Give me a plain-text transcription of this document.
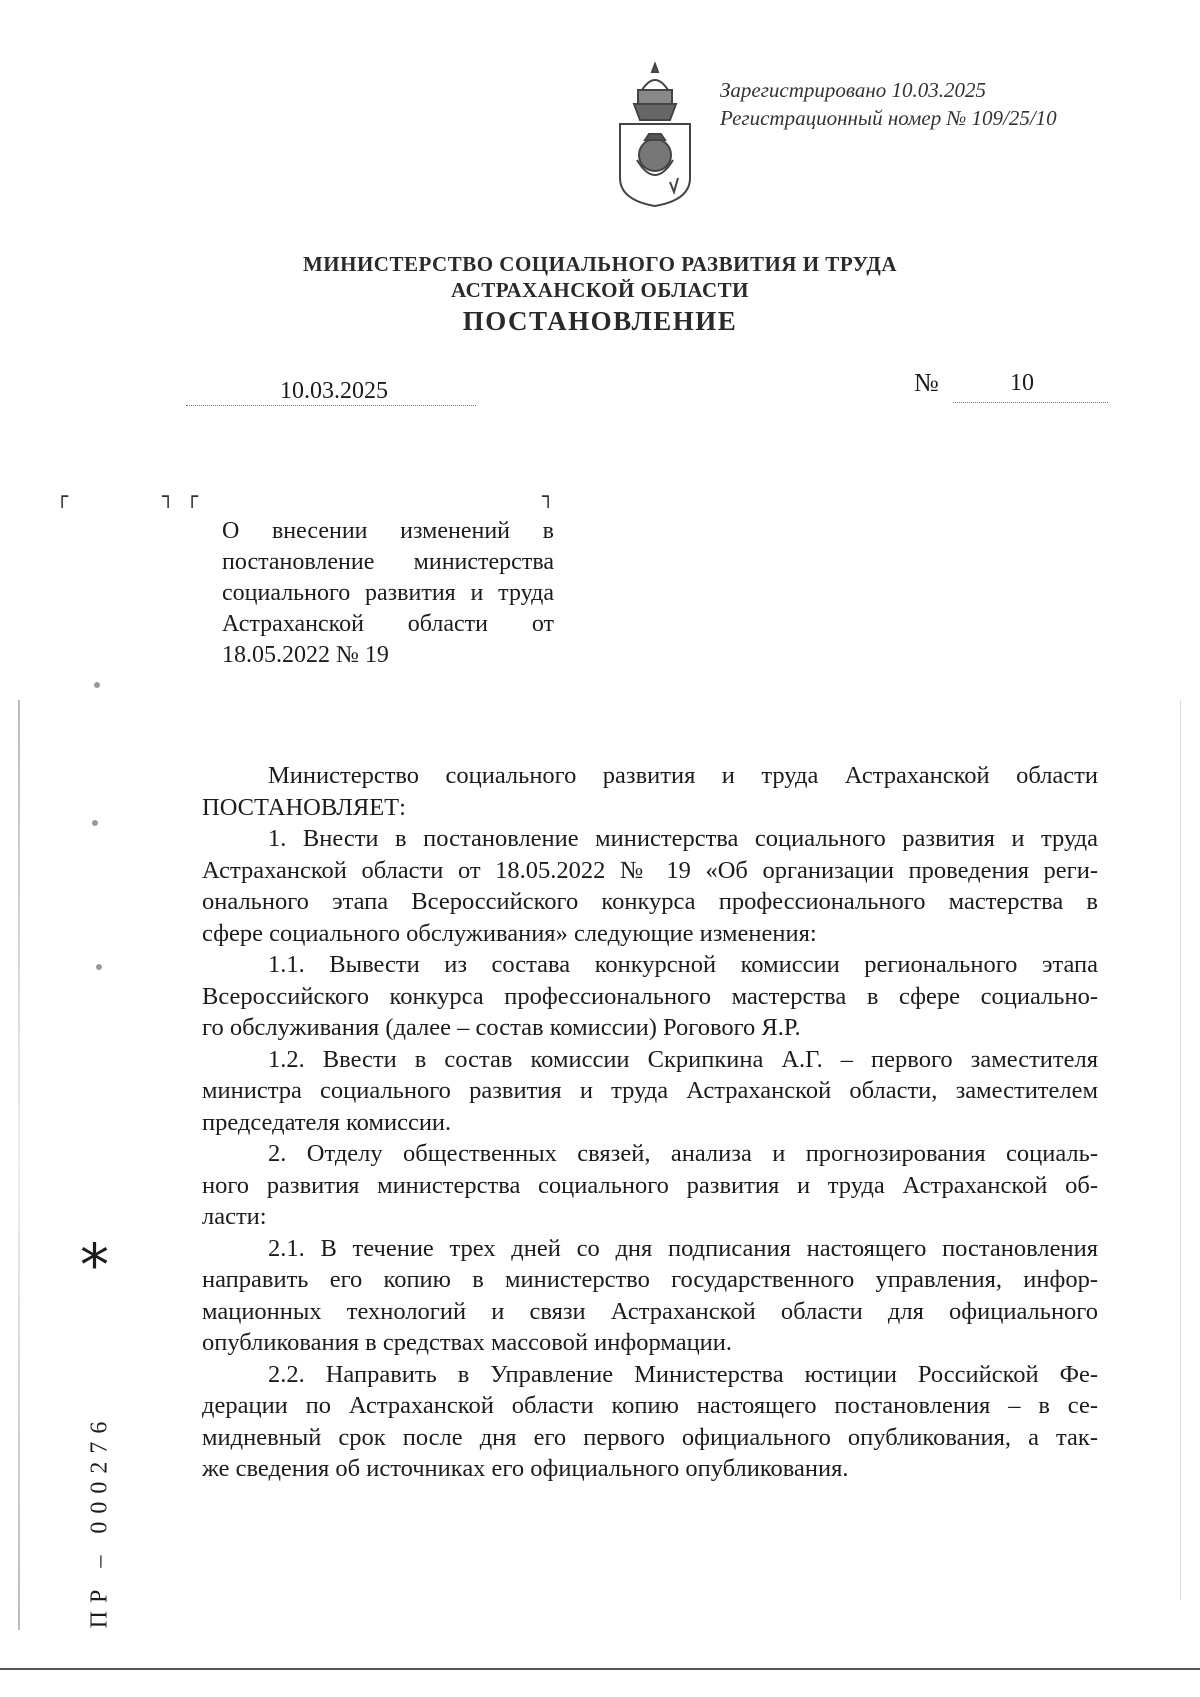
Зарегистрировано 10.03.2025
Регистрационный номер № 109/25/10
МИНИСТЕРСТВО СОЦИАЛЬНОГО РАЗВИТИЯ И ТРУДА
АСТРАХАНСКОЙ ОБЛАСТИ
ПОСТАНОВЛЕНИЕ
10.03.2025	№	10
┌	┐ ┌	┐
О внесении изменений в постановление министерства социального развития и труда Астраханской области от 18.05.2022 № 19

Министерство социального развития и труда Астраханской области

ПОСТАНОВЛЯЕТ:

1. Внести в постановление министерства социального развития и труда

Астраханской области от 18.05.2022 № 19 «Об организации проведения реги-

онального этапа Всероссийского конкурса профессионального мастерства в

сфере социального обслуживания» следующие изменения:

1.1. Вывести из состава конкурсной комиссии регионального этапа

Всероссийского конкурса профессионального мастерства в сфере социально-

го обслуживания (далее – состав комиссии) Рогового Я.Р.

1.2. Ввести в состав комиссии Скрипкина А.Г. – первого заместителя

министра социального развития и труда Астраханской области, заместителем

председателя комиссии.

2. Отделу общественных связей, анализа и прогнозирования социаль-

ного развития министерства социального развития и труда Астраханской об-

ласти:

2.1. В течение трех дней со дня подписания настоящего постановления

направить его копию в министерство государственного управления, инфор-

мационных технологий и связи Астраханской области для официального

опубликования в средствах массовой информации.

2.2. Направить в Управление Министерства юстиции Российской Фе-

дерации по Астраханской области копию настоящего постановления – в се-

мидневный срок после дня его первого официального опубликования, а так-

же сведения об источниках его официального опубликования.

*
ПР – 000276
